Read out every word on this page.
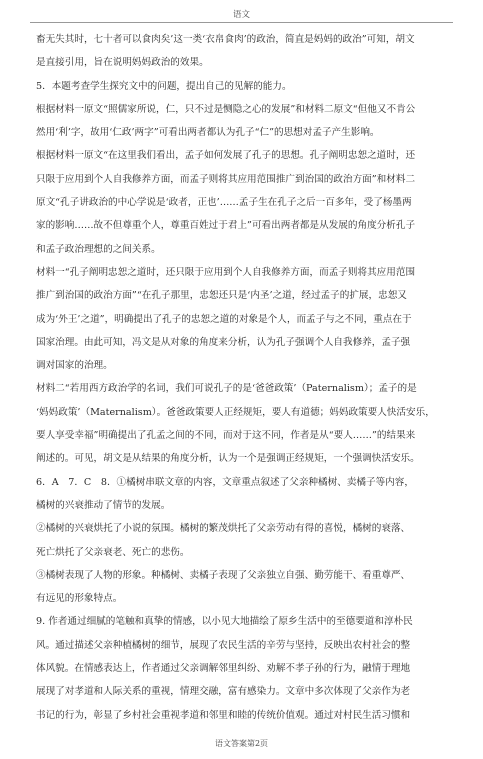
语文
畜无失其时，七十者可以食肉矣’这一类‘衣帛食肉’的政治，简直是妈妈的政治”可知，胡文
是直接引用，旨在说明妈妈政治的效果。
5．本题考查学生探究文中的问题，提出自己的见解的能力。
根据材料一原文“照儒家所说，仁，只不过是恻隐之心的发展”和材料二原文“但他又不肯公
然用‘利’字，故用‘仁政’两字”可看出两者都认为孔子“仁”的思想对孟子产生影响。
根据材料一原文“在这里我们看出，孟子如何发展了孔子的思想。孔子阐明忠恕之道时，还
只限于应用到个人自我修养方面，而孟子则将其应用范围推广到治国的政治方面”和材料二
原文“孔子讲政治的中心学说是‘政者，正也’……孟子生在孔子之后一百多年，受了杨墨两
家的影响……故不但尊重个人，尊重百姓过于君上”可看出两者都是从发展的角度分析孔子
和孟子政治理想的之间关系。
材料一“孔子阐明忠恕之道时，还只限于应用到个人自我修养方面，而孟子则将其应用范围
推广到治国的政治方面”“在孔子那里，忠恕还只是‘内圣’之道，经过孟子的扩展，忠恕又
成为‘外王’之道”，明确提出了孔子的忠恕之道的对象是个人，而孟子与之不同，重点在于
国家治理。由此可知，冯文是从对象的角度来分析，认为孔子强调个人自我修养，孟子强
调对国家的治理。
材料二“若用西方政治学的名词，我们可说孔子的是‘爸爸政策’（Paternalism）；孟子的是
‘妈妈政策’（Maternalism）。爸爸政策要人正经规矩，要人有道德；妈妈政策要人快活安乐，
要人享受幸福”明确提出了孔孟之间的不同，而对于这不同，作者是从“要人……”的结果来
阐述的。可见，胡文是从结果的角度分析，认为一个是强调正经规矩，一个强调快活安乐。
6．A　7．C　8．①橘树串联文章的内容，文章重点叙述了父亲种橘树、卖橘子等内容，
橘树的兴衰推动了情节的发展。
②橘树的兴衰烘托了小说的氛围。橘树的繁茂烘托了父亲劳动有得的喜悦，橘树的衰落、
死亡烘托了父亲衰老、死亡的悲伤。
③橘树表现了人物的形象。种橘树、卖橘子表现了父亲独立自强、勤劳能干、看重尊严、
有远见的形象特点。
9. 作者通过细腻的笔触和真挚的情感，以小见大地描绘了原乡生活中的至德要道和淳朴民
风。通过描述父亲种植橘树的细节，展现了农民生活的辛劳与坚持，反映出农村社会的整
体风貌。在情感表达上，作者通过父亲调解邻里纠纷、劝解不孝子孙的行为，融情于理地
展现了对孝道和人际关系的重视，情理交融，富有感染力。文章中多次体现了父亲作为老
书记的行为，彰显了乡村社会重视孝道和邻里和睦的传统价值观。通过对村民生活习惯和
语文答案第2页
